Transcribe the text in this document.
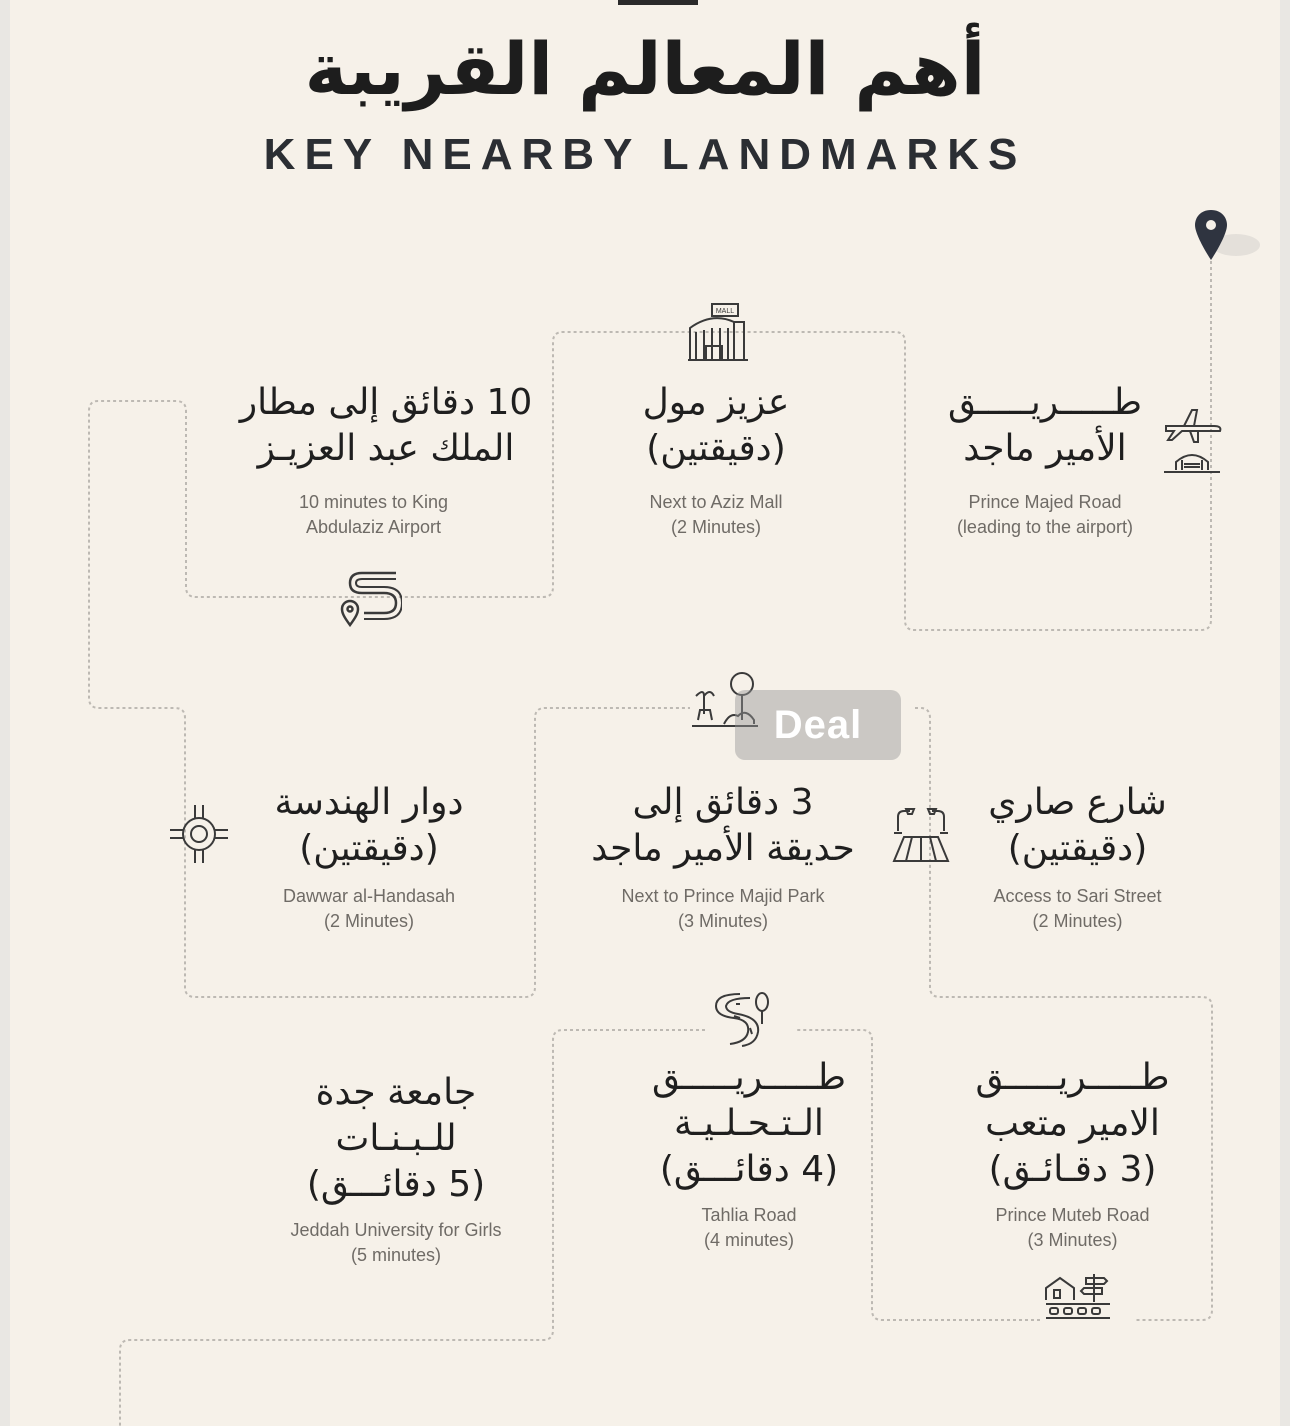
أهم المعالم القريبة
KEY NEARBY LANDMARKS
طـــــريـــــق
الأمير ماجد
Prince Majed Road
(leading to the airport)
عزيز مول
(دقيقتين)
Next to Aziz Mall
(2 Minutes)
MALL
10 دقائق إلى مطار
الملك عبد العزيـز
10 minutes to King
Abdulaziz Airport
شارع صاري
(دقيقتين)
Access to Sari Street
(2 Minutes)
3 دقائق إلى
حديقة الأمير ماجد
Next to Prince Majid Park
(3 Minutes)
دوار الهندسة
(دقيقتين)
Dawwar al-Handasah
(2 Minutes)
طـــــريـــــق
الامير متعب
(3 دقـائـق)
Prince Muteb Road
(3 Minutes)
طـــــريـــــق
الـتـحـلـيـة
(4 دقائـــق)
Tahlia Road
(4 minutes)
جامعة جدة
للـبـنـات
(5 دقائـــق)
Jeddah University for Girls
(5 minutes)
Deal
